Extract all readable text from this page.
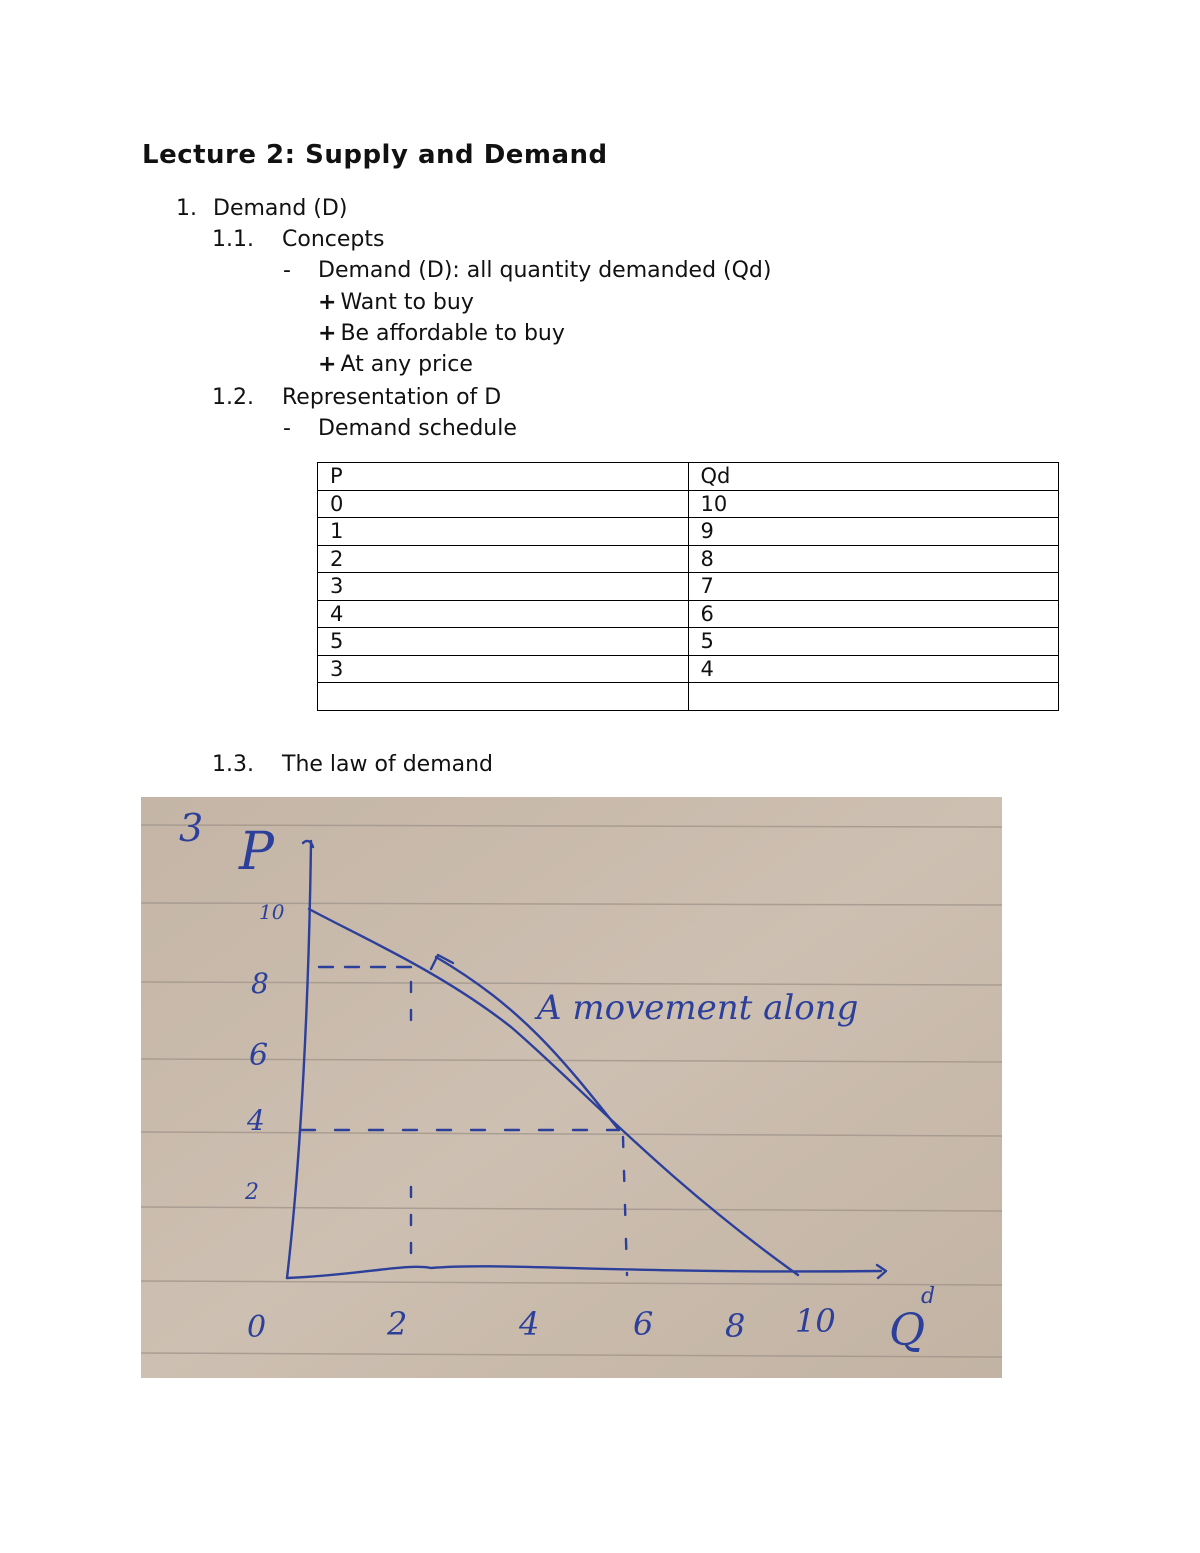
Lecture 2: Supply and Demand
1. Demand (D)
1.1. Concepts
- Demand (D): all quantity demanded (Qd)
+ Want to buy
+ Be affordable to buy
+ At any price
1.2. Representation of D
- Demand schedule
P	Qd
0	10
1	9
2	8
3	7
4	6
5	5
3	4

1.3. The law of demand
3 P
10
8
6
4
2
0	2	4	6 8 10 Q
d
A movement along
